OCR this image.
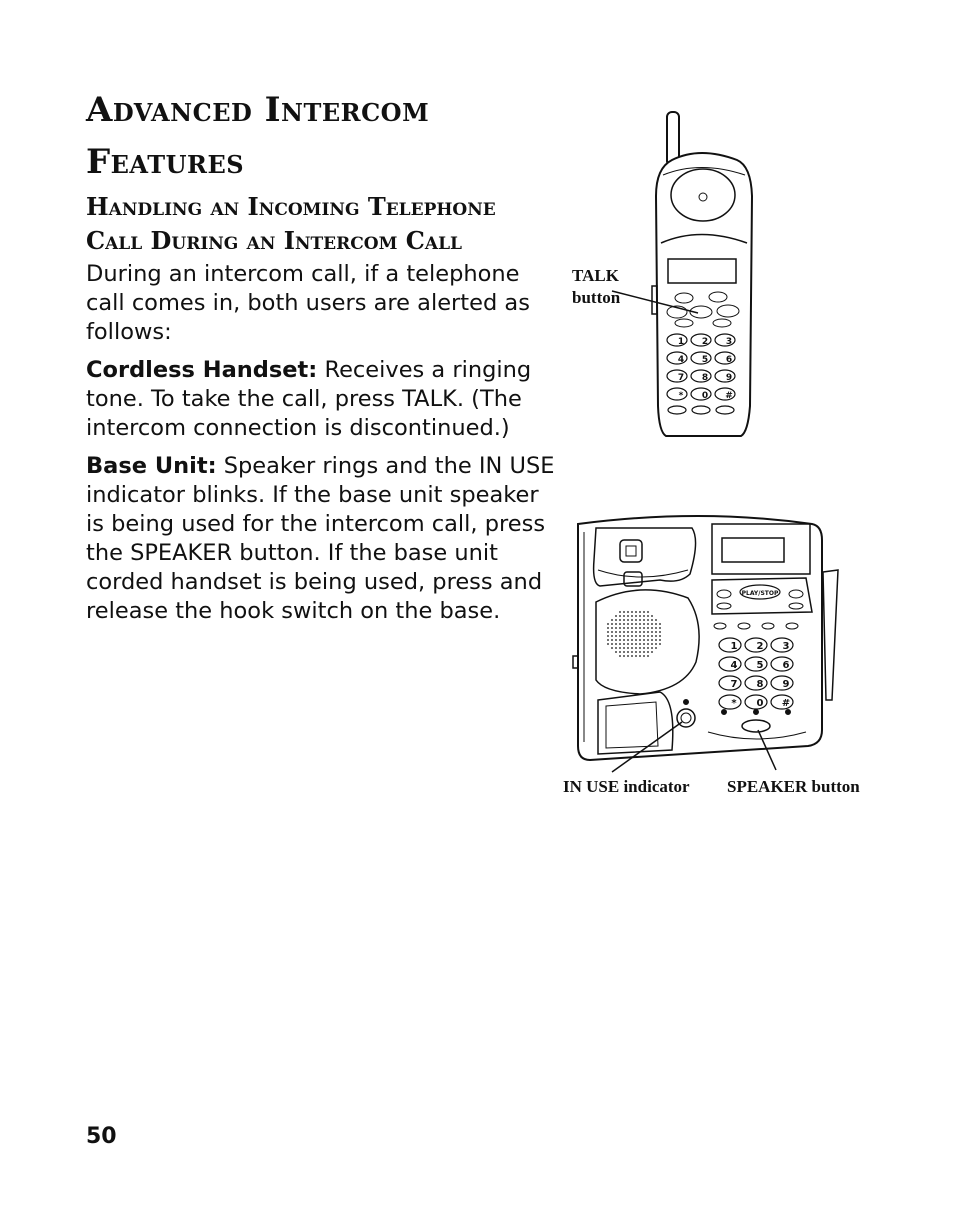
Advanced Intercom
Features
Handling an Incoming Telephone
Call During an Intercom Call

During an intercom call, if a telephone call comes in, both users are alerted as follows:

Cordless Handset: Receives a ringing tone. To take the call, press TALK. (The intercom connection is discontinued.)

Base Unit: Speaker rings and the IN USE indicator blinks. If the base unit speaker is being used for the intercom call, press the SPEAKER button. If the base unit corded handset is being used, press and release the hook switch on the base.

1 2 3
4 5 6
7 8 9
* 0 #
1 2 3
4 5 6
7 8 9
* 0 #
PLAY/STOP
TALK
button
IN USE indicator SPEAKER button
50
